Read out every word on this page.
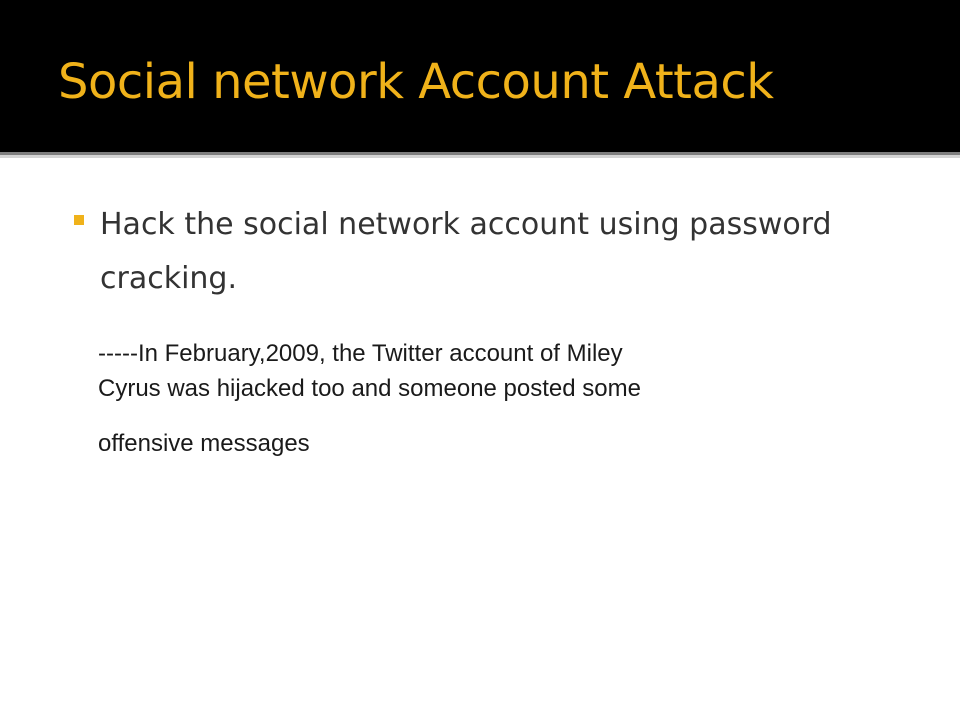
Social network Account Attack

Hack the social network account using password cracking.

-----In February,2009, the Twitter account of Miley
Cyrus was hijacked too and someone posted some
offensive messages
